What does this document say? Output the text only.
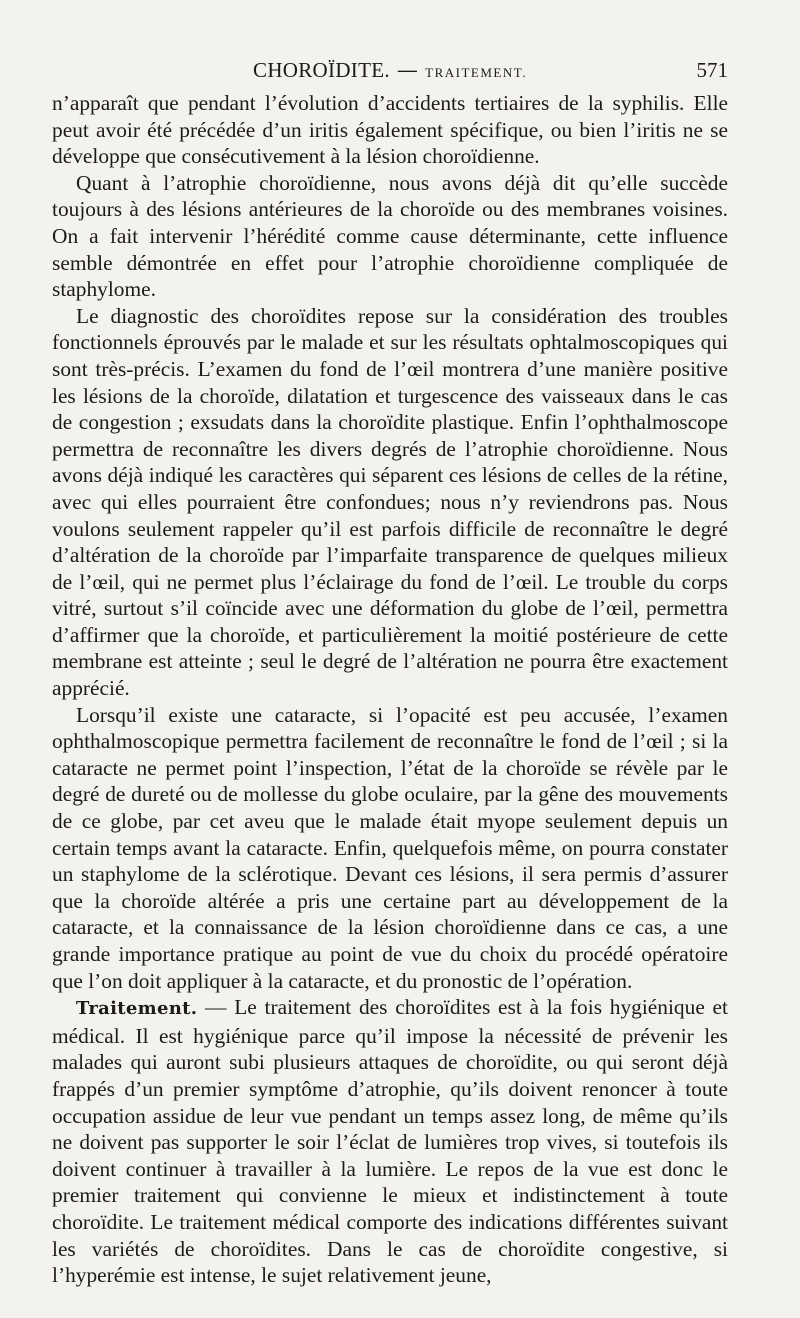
CHOROÏDITE. — TRAITEMENT.	571

n’apparaît que pendant l’évolution d’accidents tertiaires de la syphilis. Elle peut avoir été précédée d’un iritis également spécifique, ou bien l’iritis ne se développe que consécutivement à la lésion choroïdienne.

Quant à l’atrophie choroïdienne, nous avons déjà dit qu’elle succède toujours à des lésions antérieures de la choroïde ou des membranes voisines. On a fait intervenir l’hérédité comme cause déterminante, cette influence semble démontrée en effet pour l’atrophie choroïdienne compliquée de staphylome.

Le diagnostic des choroïdites repose sur la considération des troubles fonctionnels éprouvés par le malade et sur les résultats ophtalmoscopiques qui sont très-précis. L’examen du fond de l’œil montrera d’une manière positive les lésions de la choroïde, dilatation et turgescence des vaisseaux dans le cas de congestion ; exsudats dans la choroïdite plastique. Enfin l’ophthalmoscope permettra de reconnaître les divers degrés de l’atrophie choroïdienne. Nous avons déjà indiqué les caractères qui séparent ces lésions de celles de la rétine, avec qui elles pourraient être confondues; nous n’y reviendrons pas. Nous voulons seulement rappeler qu’il est parfois difficile de reconnaître le degré d’altération de la choroïde par l’imparfaite transparence de quelques milieux de l’œil, qui ne permet plus l’éclairage du fond de l’œil. Le trouble du corps vitré, surtout s’il coïncide avec une déformation du globe de l’œil, permettra d’affirmer que la choroïde, et particulièrement la moitié postérieure de cette membrane est atteinte ; seul le degré de l’altération ne pourra être exactement apprécié.

Lorsqu’il existe une cataracte, si l’opacité est peu accusée, l’examen ophthalmoscopique permettra facilement de reconnaître le fond de l’œil ; si la cataracte ne permet point l’inspection, l’état de la choroïde se révèle par le degré de dureté ou de mollesse du globe oculaire, par la gêne des mouvements de ce globe, par cet aveu que le malade était myope seulement depuis un certain temps avant la cataracte. Enfin, quelquefois même, on pourra constater un staphylome de la sclérotique. Devant ces lésions, il sera permis d’assurer que la choroïde altérée a pris une certaine part au développement de la cataracte, et la connaissance de la lésion choroïdienne dans ce cas, a une grande importance pratique au point de vue du choix du procédé opératoire que l’on doit appliquer à la cataracte, et du pronostic de l’opération.

Traitement. — Le traitement des choroïdites est à la fois hygiénique et médical. Il est hygiénique parce qu’il impose la nécessité de prévenir les malades qui auront subi plusieurs attaques de choroïdite, ou qui seront déjà frappés d’un premier symptôme d’atrophie, qu’ils doivent renoncer à toute occupation assidue de leur vue pendant un temps assez long, de même qu’ils ne doivent pas supporter le soir l’éclat de lumières trop vives, si toutefois ils doivent continuer à travailler à la lumière. Le repos de la vue est donc le premier traitement qui convienne le mieux et indistinctement à toute choroïdite. Le traitement médical comporte des indications différentes suivant les variétés de choroïdites. Dans le cas de choroïdite congestive, si l’hyperémie est intense, le sujet relativement jeune,
